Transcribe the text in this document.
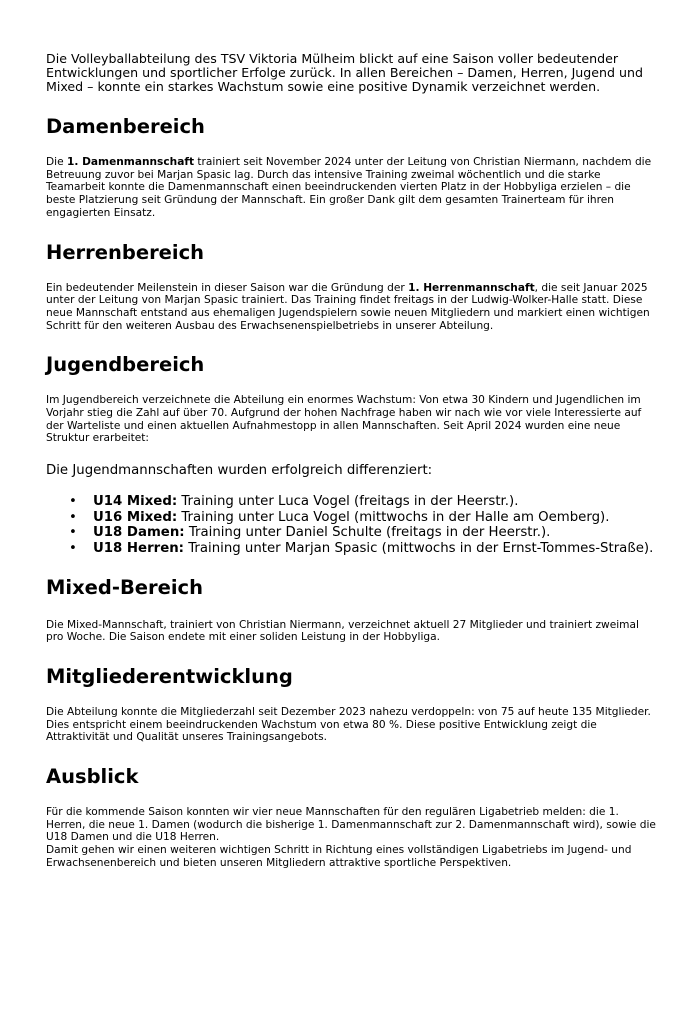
Die Volleyballabteilung des TSV Viktoria Mülheim blickt auf eine Saison voller bedeutender Entwicklungen und sportlicher Erfolge zurück. In allen Bereichen – Damen, Herren, Jugend und Mixed – konnte ein starkes Wachstum sowie eine positive Dynamik verzeichnet werden.

Damenbereich

Die 1. Damenmannschaft trainiert seit November 2024 unter der Leitung von Christian Niermann, nachdem die Betreuung zuvor bei Marjan Spasic lag. Durch das intensive Training zweimal wöchentlich und die starke Teamarbeit konnte die Damenmannschaft einen beeindruckenden vierten Platz in der Hobbyliga erzielen – die beste Platzierung seit Gründung der Mannschaft. Ein großer Dank gilt dem gesamten Trainerteam für ihren engagierten Einsatz.

Herrenbereich

Ein bedeutender Meilenstein in dieser Saison war die Gründung der 1. Herrenmannschaft, die seit Januar 2025 unter der Leitung von Marjan Spasic trainiert. Das Training findet freitags in der Ludwig-Wolker-Halle statt. Diese neue Mannschaft entstand aus ehemaligen Jugendspielern sowie neuen Mitgliedern und markiert einen wichtigen Schritt für den weiteren Ausbau des Erwachsenenspielbetriebs in unserer Abteilung.

Jugendbereich

Im Jugendbereich verzeichnete die Abteilung ein enormes Wachstum: Von etwa 30 Kindern und Jugendlichen im Vorjahr stieg die Zahl auf über 70. Aufgrund der hohen Nachfrage haben wir nach wie vor viele Interessierte auf der Warteliste und einen aktuellen Aufnahmestopp in allen Mannschaften. Seit April 2024 wurden eine neue Struktur erarbeitet:

Die Jugendmannschaften wurden erfolgreich differenziert:

• U14 Mixed: Training unter Luca Vogel (freitags in der Heerstr.).
• U16 Mixed: Training unter Luca Vogel (mittwochs in der Halle am Oemberg).
• U18 Damen: Training unter Daniel Schulte (freitags in der Heerstr.).
• U18 Herren: Training unter Marjan Spasic (mittwochs in der Ernst-Tommes-Straße).
Mixed-Bereich

Die Mixed-Mannschaft, trainiert von Christian Niermann, verzeichnet aktuell 27 Mitglieder und trainiert zweimal pro Woche. Die Saison endete mit einer soliden Leistung in der Hobbyliga.

Mitgliederentwicklung

Die Abteilung konnte die Mitgliederzahl seit Dezember 2023 nahezu verdoppeln: von 75 auf heute 135 Mitglieder. Dies entspricht einem beeindruckenden Wachstum von etwa 80 %. Diese positive Entwicklung zeigt die Attraktivität und Qualität unseres Trainingsangebots.

Ausblick

Für die kommende Saison konnten wir vier neue Mannschaften für den regulären Ligabetrieb melden: die 1. Herren, die neue 1. Damen (wodurch die bisherige 1. Damenmannschaft zur 2. Damenmannschaft wird), sowie die U18 Damen und die U18 Herren.

Damit gehen wir einen weiteren wichtigen Schritt in Richtung eines vollständigen Ligabetriebs im Jugend- und Erwachsenenbereich und bieten unseren Mitgliedern attraktive sportliche Perspektiven.
